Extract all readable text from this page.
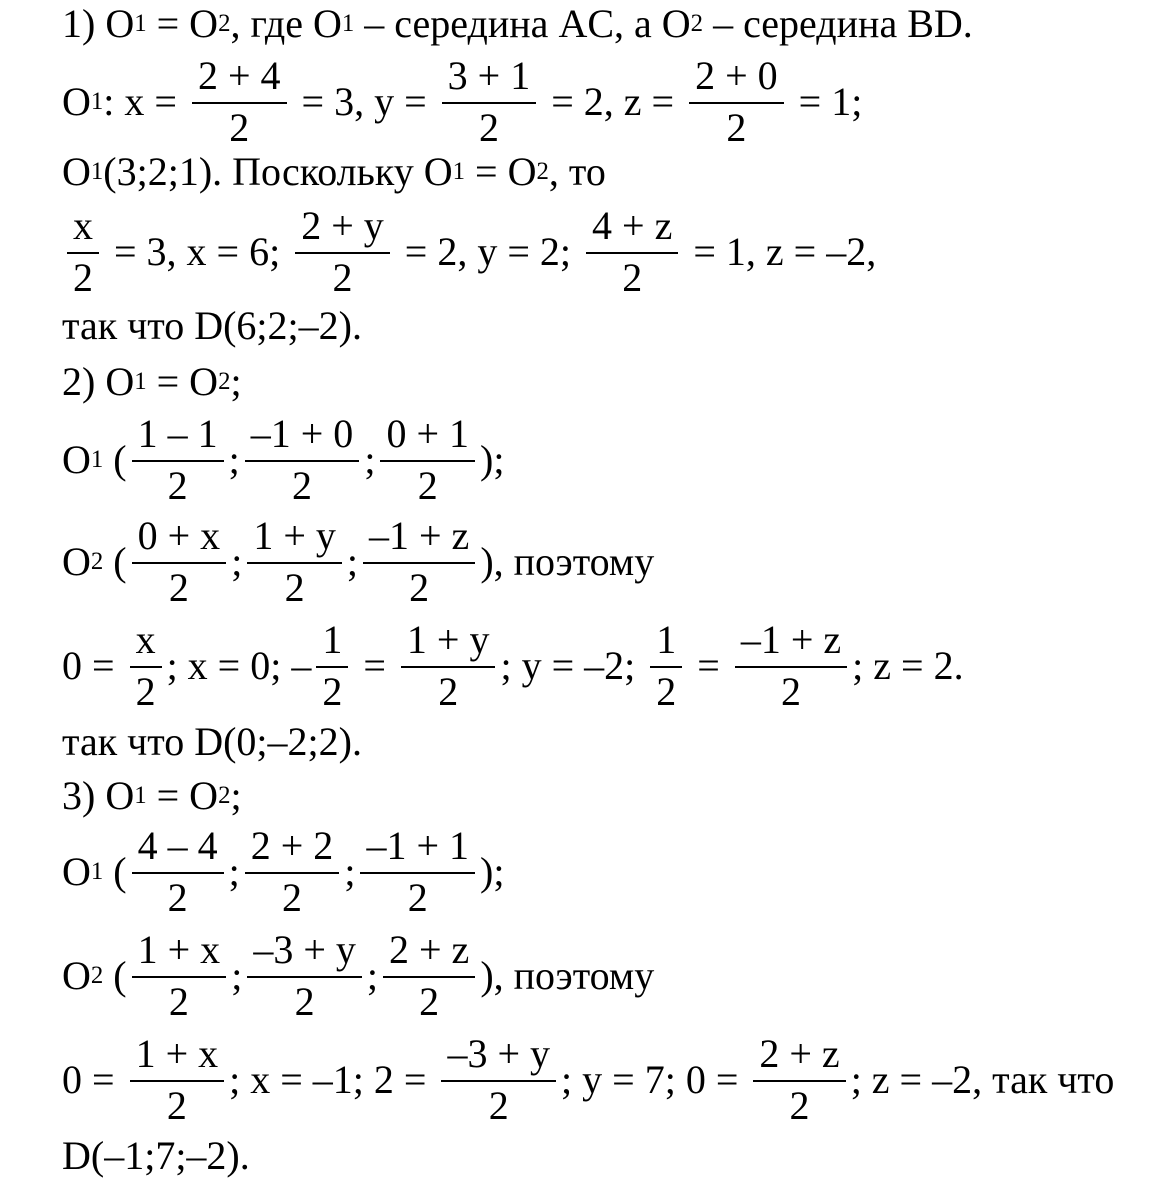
1) O 1 = O 2 , где O 1 – середина AC, а O 2 – середина BD.
O 1 : $x = \frac{2 + 4}{2} = 3$, $y = \frac{3 + 1}{2} = 2$, $z = \frac{2 + 0}{2} = 1$;
O 1 (3;2;1). Поскольку O 1 = O 2 , то
$\frac{x}{2} = 3$, x = 6; $\frac{2 + y}{2} = 2$, y = 2; $\frac{4 + z}{2} = 1$, z = –2,
так что D(6;2;–2).
2) O 1 = O 2 ;
O 1 ( $\frac{1 - 1}{2}$ ; $\frac{-1 + 0}{2}$ ; $\frac{0 + 1}{2}$ );
O 2 ( $\frac{0 + x}{2}$ ; $\frac{1 + y}{2}$ ; $\frac{-1 + z}{2}$ ), поэтому
$0 = \frac{x}{2}$ ; x = 0; – $\frac{1}{2} = \frac{1 + y}{2}$ ; y = –2; $\frac{1}{2} = \frac{-1 + z}{2}$ ; z = 2.
так что D(0;–2;2).
3) O 1 = O 2 ;
O 1 ( $\frac{4 - 4}{2}$ ; $\frac{2 + 2}{2}$ ; $\frac{-1 + 1}{2}$ );
O 2 ( $\frac{1 + x}{2}$ ; $\frac{-3 + y}{2}$ ; $\frac{2 + z}{2}$ ), поэтому
$0 = \frac{1 + x}{2}$ ; x = –1; $2 = \frac{-3 + y}{2}$ ; y = 7; $0 = \frac{2 + z}{2}$ ; z = –2, так что
D(–1;7;–2).
